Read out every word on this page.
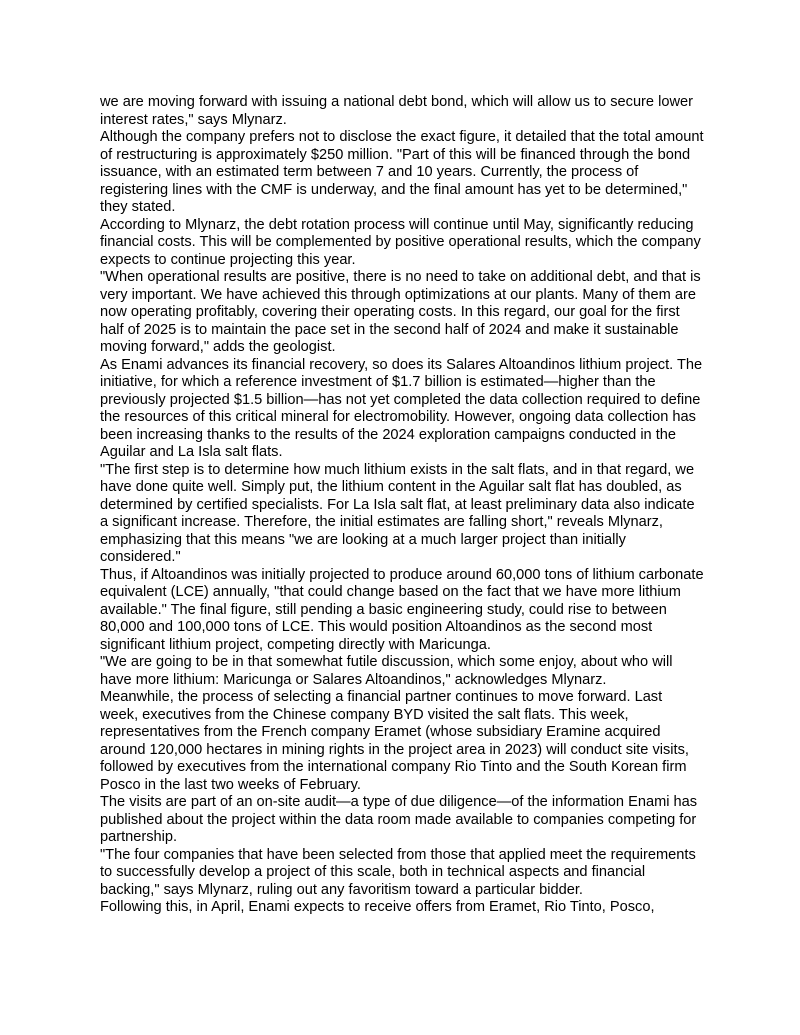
we are moving forward with issuing a national debt bond, which will allow us to secure lower interest rates," says Mlynarz.

Although the company prefers not to disclose the exact figure, it detailed that the total amount of restructuring is approximately $250 million. "Part of this will be financed through the bond issuance, with an estimated term between 7 and 10 years. Currently, the process of registering lines with the CMF is underway, and the final amount has yet to be determined," they stated.

According to Mlynarz, the debt rotation process will continue until May, significantly reducing financial costs. This will be complemented by positive operational results, which the company expects to continue projecting this year.

"When operational results are positive, there is no need to take on additional debt, and that is very important. We have achieved this through optimizations at our plants. Many of them are now operating profitably, covering their operating costs. In this regard, our goal for the first half of 2025 is to maintain the pace set in the second half of 2024 and make it sustainable moving forward," adds the geologist.

As Enami advances its financial recovery, so does its Salares Altoandinos lithium project. The initiative, for which a reference investment of $1.7 billion is estimated—higher than the previously projected $1.5 billion—has not yet completed the data collection required to define the resources of this critical mineral for electromobility. However, ongoing data collection has been increasing thanks to the results of the 2024 exploration campaigns conducted in the Aguilar and La Isla salt flats.

"The first step is to determine how much lithium exists in the salt flats, and in that regard, we have done quite well. Simply put, the lithium content in the Aguilar salt flat has doubled, as determined by certified specialists. For La Isla salt flat, at least preliminary data also indicate a significant increase. Therefore, the initial estimates are falling short," reveals Mlynarz, emphasizing that this means "we are looking at a much larger project than initially considered."

Thus, if Altoandinos was initially projected to produce around 60,000 tons of lithium carbonate equivalent (LCE) annually, "that could change based on the fact that we have more lithium available." The final figure, still pending a basic engineering study, could rise to between 80,000 and 100,000 tons of LCE. This would position Altoandinos as the second most significant lithium project, competing directly with Maricunga.

"We are going to be in that somewhat futile discussion, which some enjoy, about who will have more lithium: Maricunga or Salares Altoandinos," acknowledges Mlynarz.

Meanwhile, the process of selecting a financial partner continues to move forward. Last week, executives from the Chinese company BYD visited the salt flats. This week, representatives from the French company Eramet (whose subsidiary Eramine acquired around 120,000 hectares in mining rights in the project area in 2023) will conduct site visits, followed by executives from the international company Rio Tinto and the South Korean firm Posco in the last two weeks of February.

The visits are part of an on-site audit—a type of due diligence—of the information Enami has published about the project within the data room made available to companies competing for partnership.

"The four companies that have been selected from those that applied meet the requirements to successfully develop a project of this scale, both in technical aspects and financial backing," says Mlynarz, ruling out any favoritism toward a particular bidder.

Following this, in April, Enami expects to receive offers from Eramet, Rio Tinto, Posco,
